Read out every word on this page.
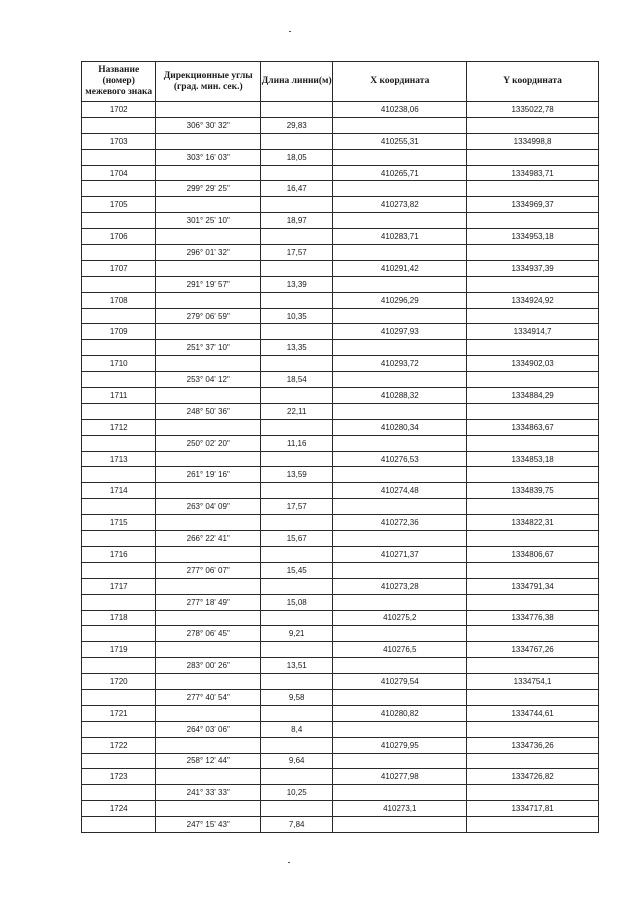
Название (номер) межевого знака	Дирекционные углы (град. мин. сек.)	Длина линии(м)	X координата	Y координата
1702			410238,06	1335022,78
	306° 30' 32"	29,83		
1703			410255,31	1334998,8
	303° 16' 03"	18,05		
1704			410265,71	1334983,71
	299° 29' 25"	16,47		
1705			410273,82	1334969,37
	301° 25' 10"	18,97		
1706			410283,71	1334953,18
	296° 01' 32"	17,57		
1707			410291,42	1334937,39
	291° 19' 57"	13,39		
1708			410296,29	1334924,92
	279° 06' 59"	10,35		
1709			410297,93	1334914,7
	251° 37' 10"	13,35		
1710			410293,72	1334902,03
	253° 04' 12"	18,54		
1711			410288,32	1334884,29
	248° 50' 36"	22,11		
1712			410280,34	1334863,67
	250° 02' 20"	11,16		
1713			410276,53	1334853,18
	261° 19' 16"	13,59		
1714			410274,48	1334839,75
	263° 04' 09"	17,57		
1715			410272,36	1334822,31
	266° 22' 41"	15,67		
1716			410271,37	1334806,67
	277° 06' 07"	15,45		
1717			410273,28	1334791,34
	277° 18' 49"	15,08		
1718			410275,2	1334776,38
	278° 06' 45"	9,21		
1719			410276,5	1334767,26
	283° 00' 26"	13,51		
1720			410279,54	1334754,1
	277° 40' 54"	9,58		
1721			410280,82	1334744,61
	264° 03' 06"	8,4		
1722			410279,95	1334736,26
	258° 12' 44"	9,64		
1723			410277,98	1334726,82
	241° 33' 33"	10,25		
1724			410273,1	1334717,81
	247° 15' 43"	7,84		
